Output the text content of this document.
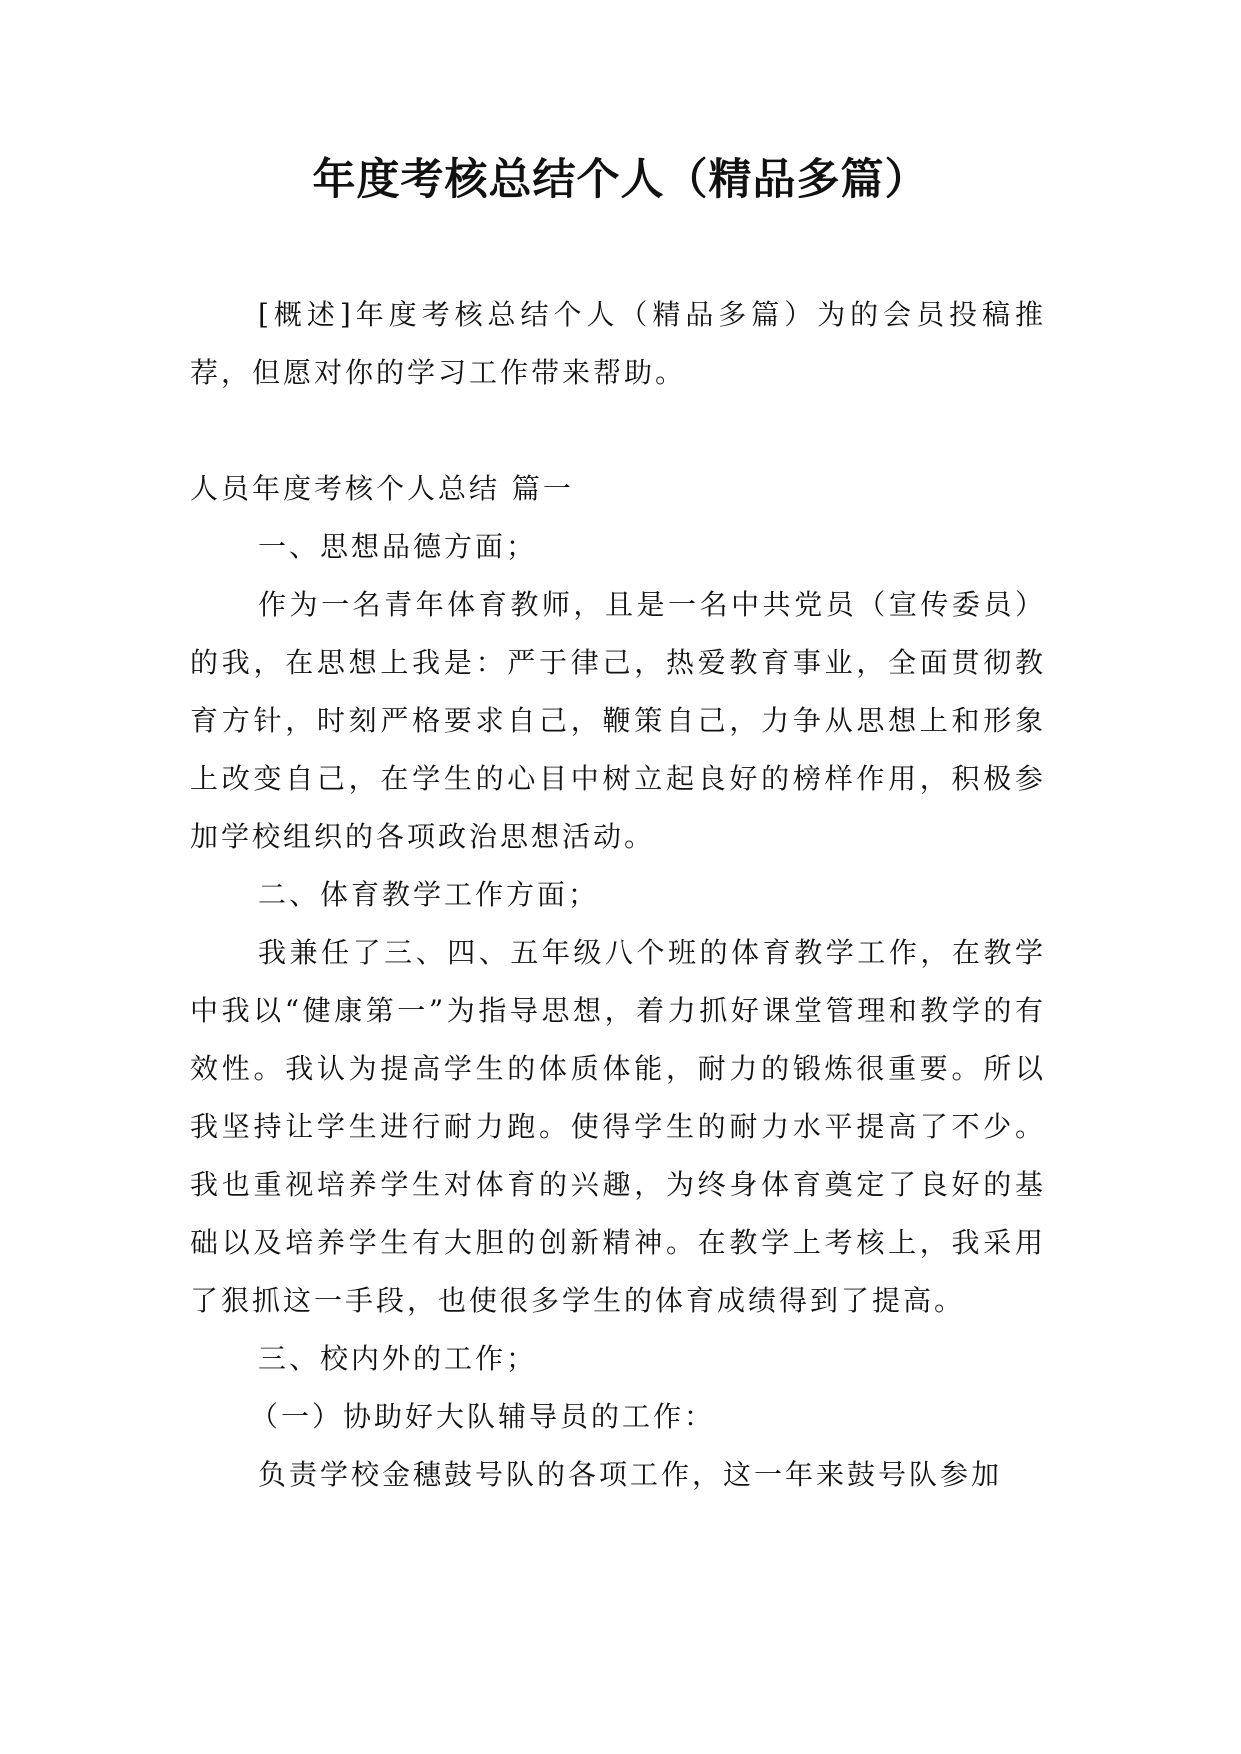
年度考核总结个人（精品多篇）

[概述]年度考核总结个人（精品多篇）为的会员投稿推荐，但愿对你的学习工作带来帮助。

人员年度考核个人总结 篇一

一、思想品德方面；

作为一名青年体育教师，且是一名中共党员（宣传委员）的我，在思想上我是：严于律己，热爱教育事业，全面贯彻教育方针，时刻严格要求自己，鞭策自己，力争从思想上和形象上改变自己，在学生的心目中树立起良好的榜样作用，积极参加学校组织的各项政治思想活动。

二、体育教学工作方面；

我兼任了三、四、五年级八个班的体育教学工作，在教学中我以“健康第一”为指导思想，着力抓好课堂管理和教学的有效性。我认为提高学生的体质体能，耐力的锻炼很重要。所以我坚持让学生进行耐力跑。使得学生的耐力水平提高了不少。我也重视培养学生对体育的兴趣，为终身体育奠定了良好的基础以及培养学生有大胆的创新精神。在教学上考核上，我采用了狠抓这一手段，也使很多学生的体育成绩得到了提高。

三、校内外的工作；

（一）协助好大队辅导员的工作：

负责学校金穗鼓号队的各项工作，这一年来鼓号队参加
